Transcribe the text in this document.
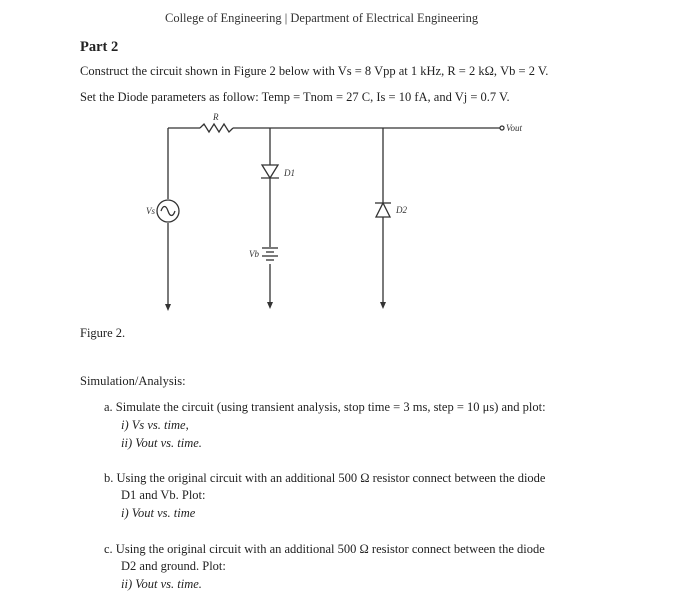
College of Engineering | Department of Electrical Engineering
Part 2
Construct the circuit shown in Figure 2 below with Vs = 8 Vpp at 1 kHz, R = 2 kΩ, Vb = 2 V.
Set the Diode parameters as follow: Temp = Tnom = 27 C, Is = 10 fA, and Vj = 0.7 V.
R
Vs
D1
D2
Vb
Vout
Figure 2.
Simulation/Analysis:
a. Simulate the circuit (using transient analysis, stop time = 3 ms, step = 10 μs) and plot:
i) Vs vs. time,
ii) Vout vs. time.
b. Using the original circuit with an additional 500 Ω resistor connect between the diode
D1 and Vb. Plot:
i) Vout vs. time
c. Using the original circuit with an additional 500 Ω resistor connect between the diode
D2 and ground. Plot:
ii) Vout vs. time.
